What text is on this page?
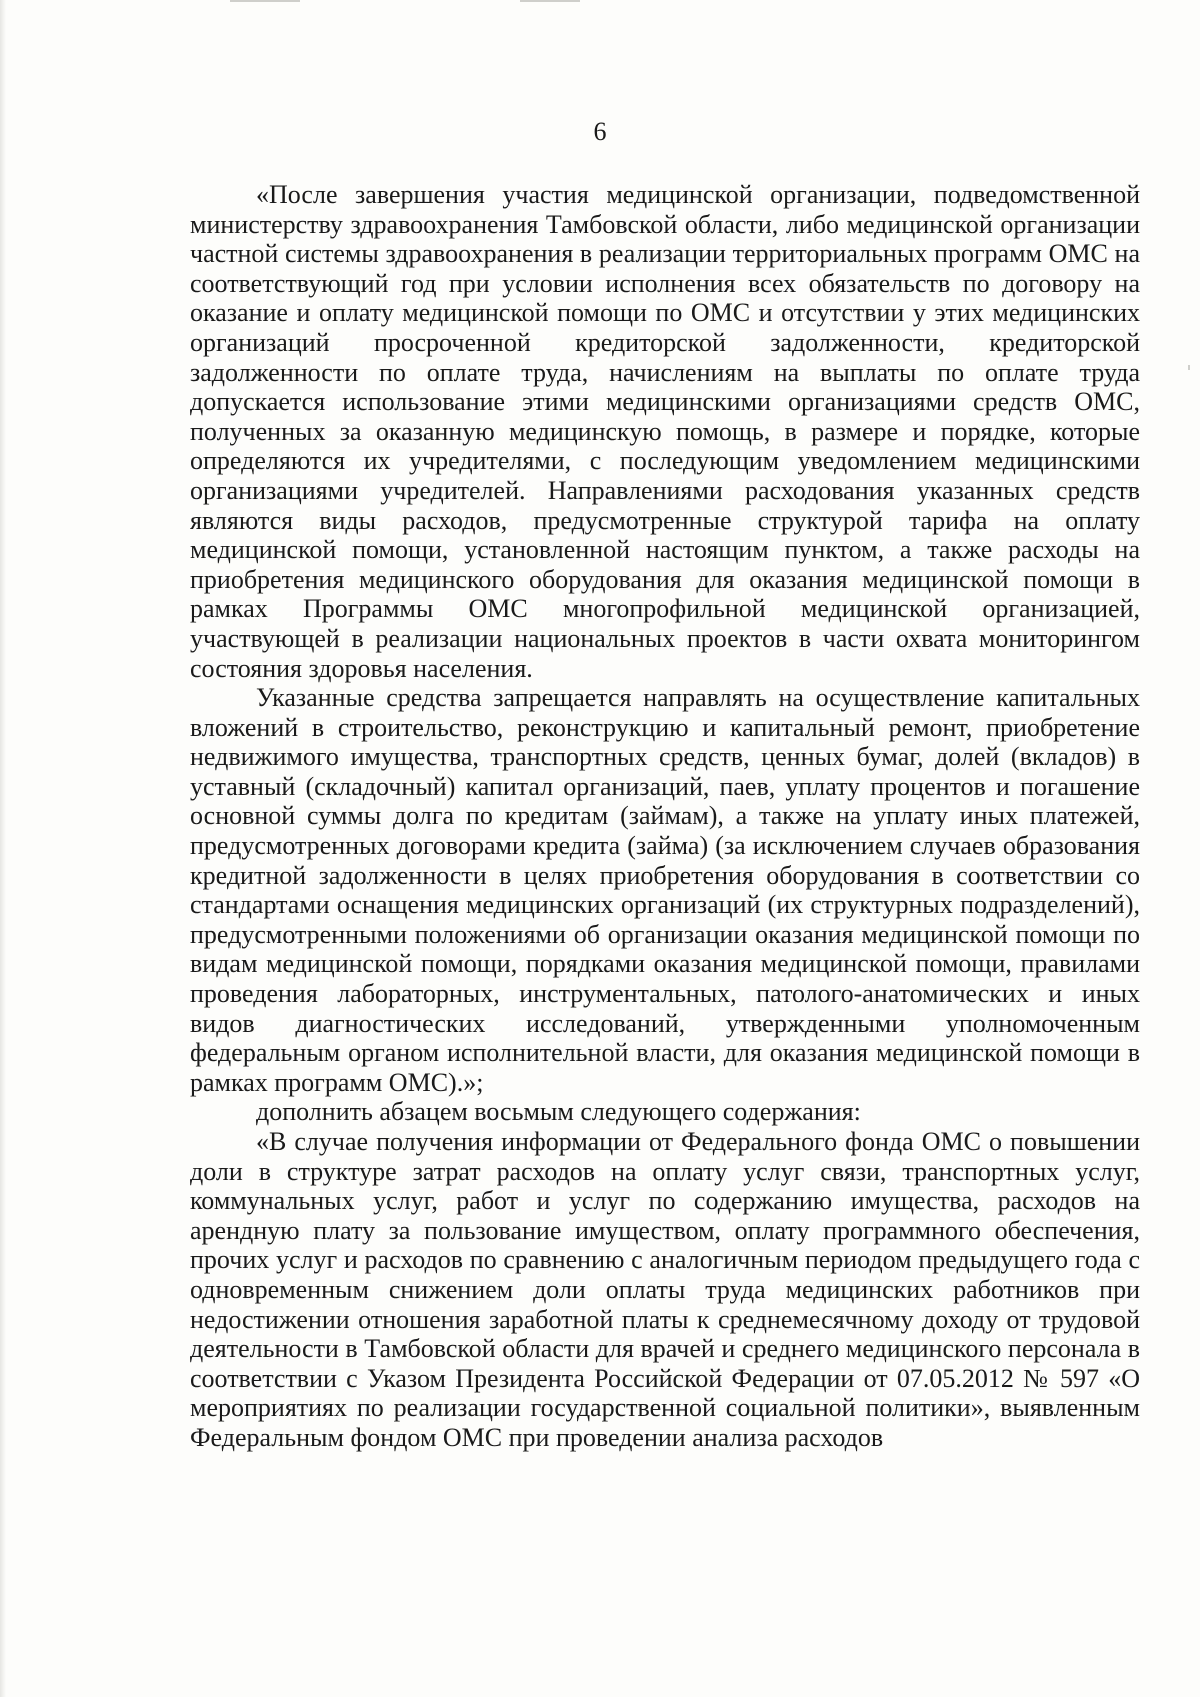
6

«После завершения участия медицинской организации, подведомственной министерству здравоохранения Тамбовской области, либо медицинской организации частной системы здравоохранения в реализации территориальных программ ОМС на соответствующий год при условии исполнения всех обязательств по договору на оказание и оплату медицинской помощи по ОМС и отсутствии у этих медицинских организаций просроченной кредиторской задолженности, кредиторской задолженности по оплате труда, начислениям на выплаты по оплате труда допускается использование этими медицинскими организациями средств ОМС, полученных за оказанную медицинскую помощь, в размере и порядке, которые определяются их учредителями, с последующим уведомлением медицинскими организациями учредителей. Направлениями расходования указанных средств являются виды расходов, предусмотренные структурой тарифа на оплату медицинской помощи, установленной настоящим пунктом, а также расходы на приобретения медицинского оборудования для оказания медицинской помощи в рамках Программы ОМС многопрофильной медицинской организацией, участвующей в реализации национальных проектов в части охвата мониторингом состояния здоровья населения.

Указанные средства запрещается направлять на осуществление капитальных вложений в строительство, реконструкцию и капитальный ремонт, приобретение недвижимого имущества, транспортных средств, ценных бумаг, долей (вкладов) в уставный (складочный) капитал организаций, паев, уплату процентов и погашение основной суммы долга по кредитам (займам), а также на уплату иных платежей, предусмотренных договорами кредита (займа) (за исключением случаев образования кредитной задолженности в целях приобретения оборудования в соответствии со стандартами оснащения медицинских организаций (их структурных подразделений), предусмотренными положениями об организации оказания медицинской помощи по видам медицинской помощи, порядками оказания медицинской помощи, правилами проведения лабораторных, инструментальных, патолого-анатомических и иных видов диагностических исследований, утвержденными уполномоченным федеральным органом исполнительной власти, для оказания медицинской помощи в рамках программ ОМС).»;

дополнить абзацем восьмым следующего содержания:

«В случае получения информации от Федерального фонда ОМС о повышении доли в структуре затрат расходов на оплату услуг связи, транспортных услуг, коммунальных услуг, работ и услуг по содержанию имущества, расходов на арендную плату за пользование имуществом, оплату программного обеспечения, прочих услуг и расходов по сравнению с аналогичным периодом предыдущего года с одновременным снижением доли оплаты труда медицинских работников при недостижении отношения заработной платы к среднемесячному доходу от трудовой деятельности в Тамбовской области для врачей и среднего медицинского персонала в соответствии с Указом Президента Российской Федерации от 07.05.2012 № 597 «О мероприятиях по реализации государственной социальной политики», выявленным Федеральным фондом ОМС при проведении анализа расходов
